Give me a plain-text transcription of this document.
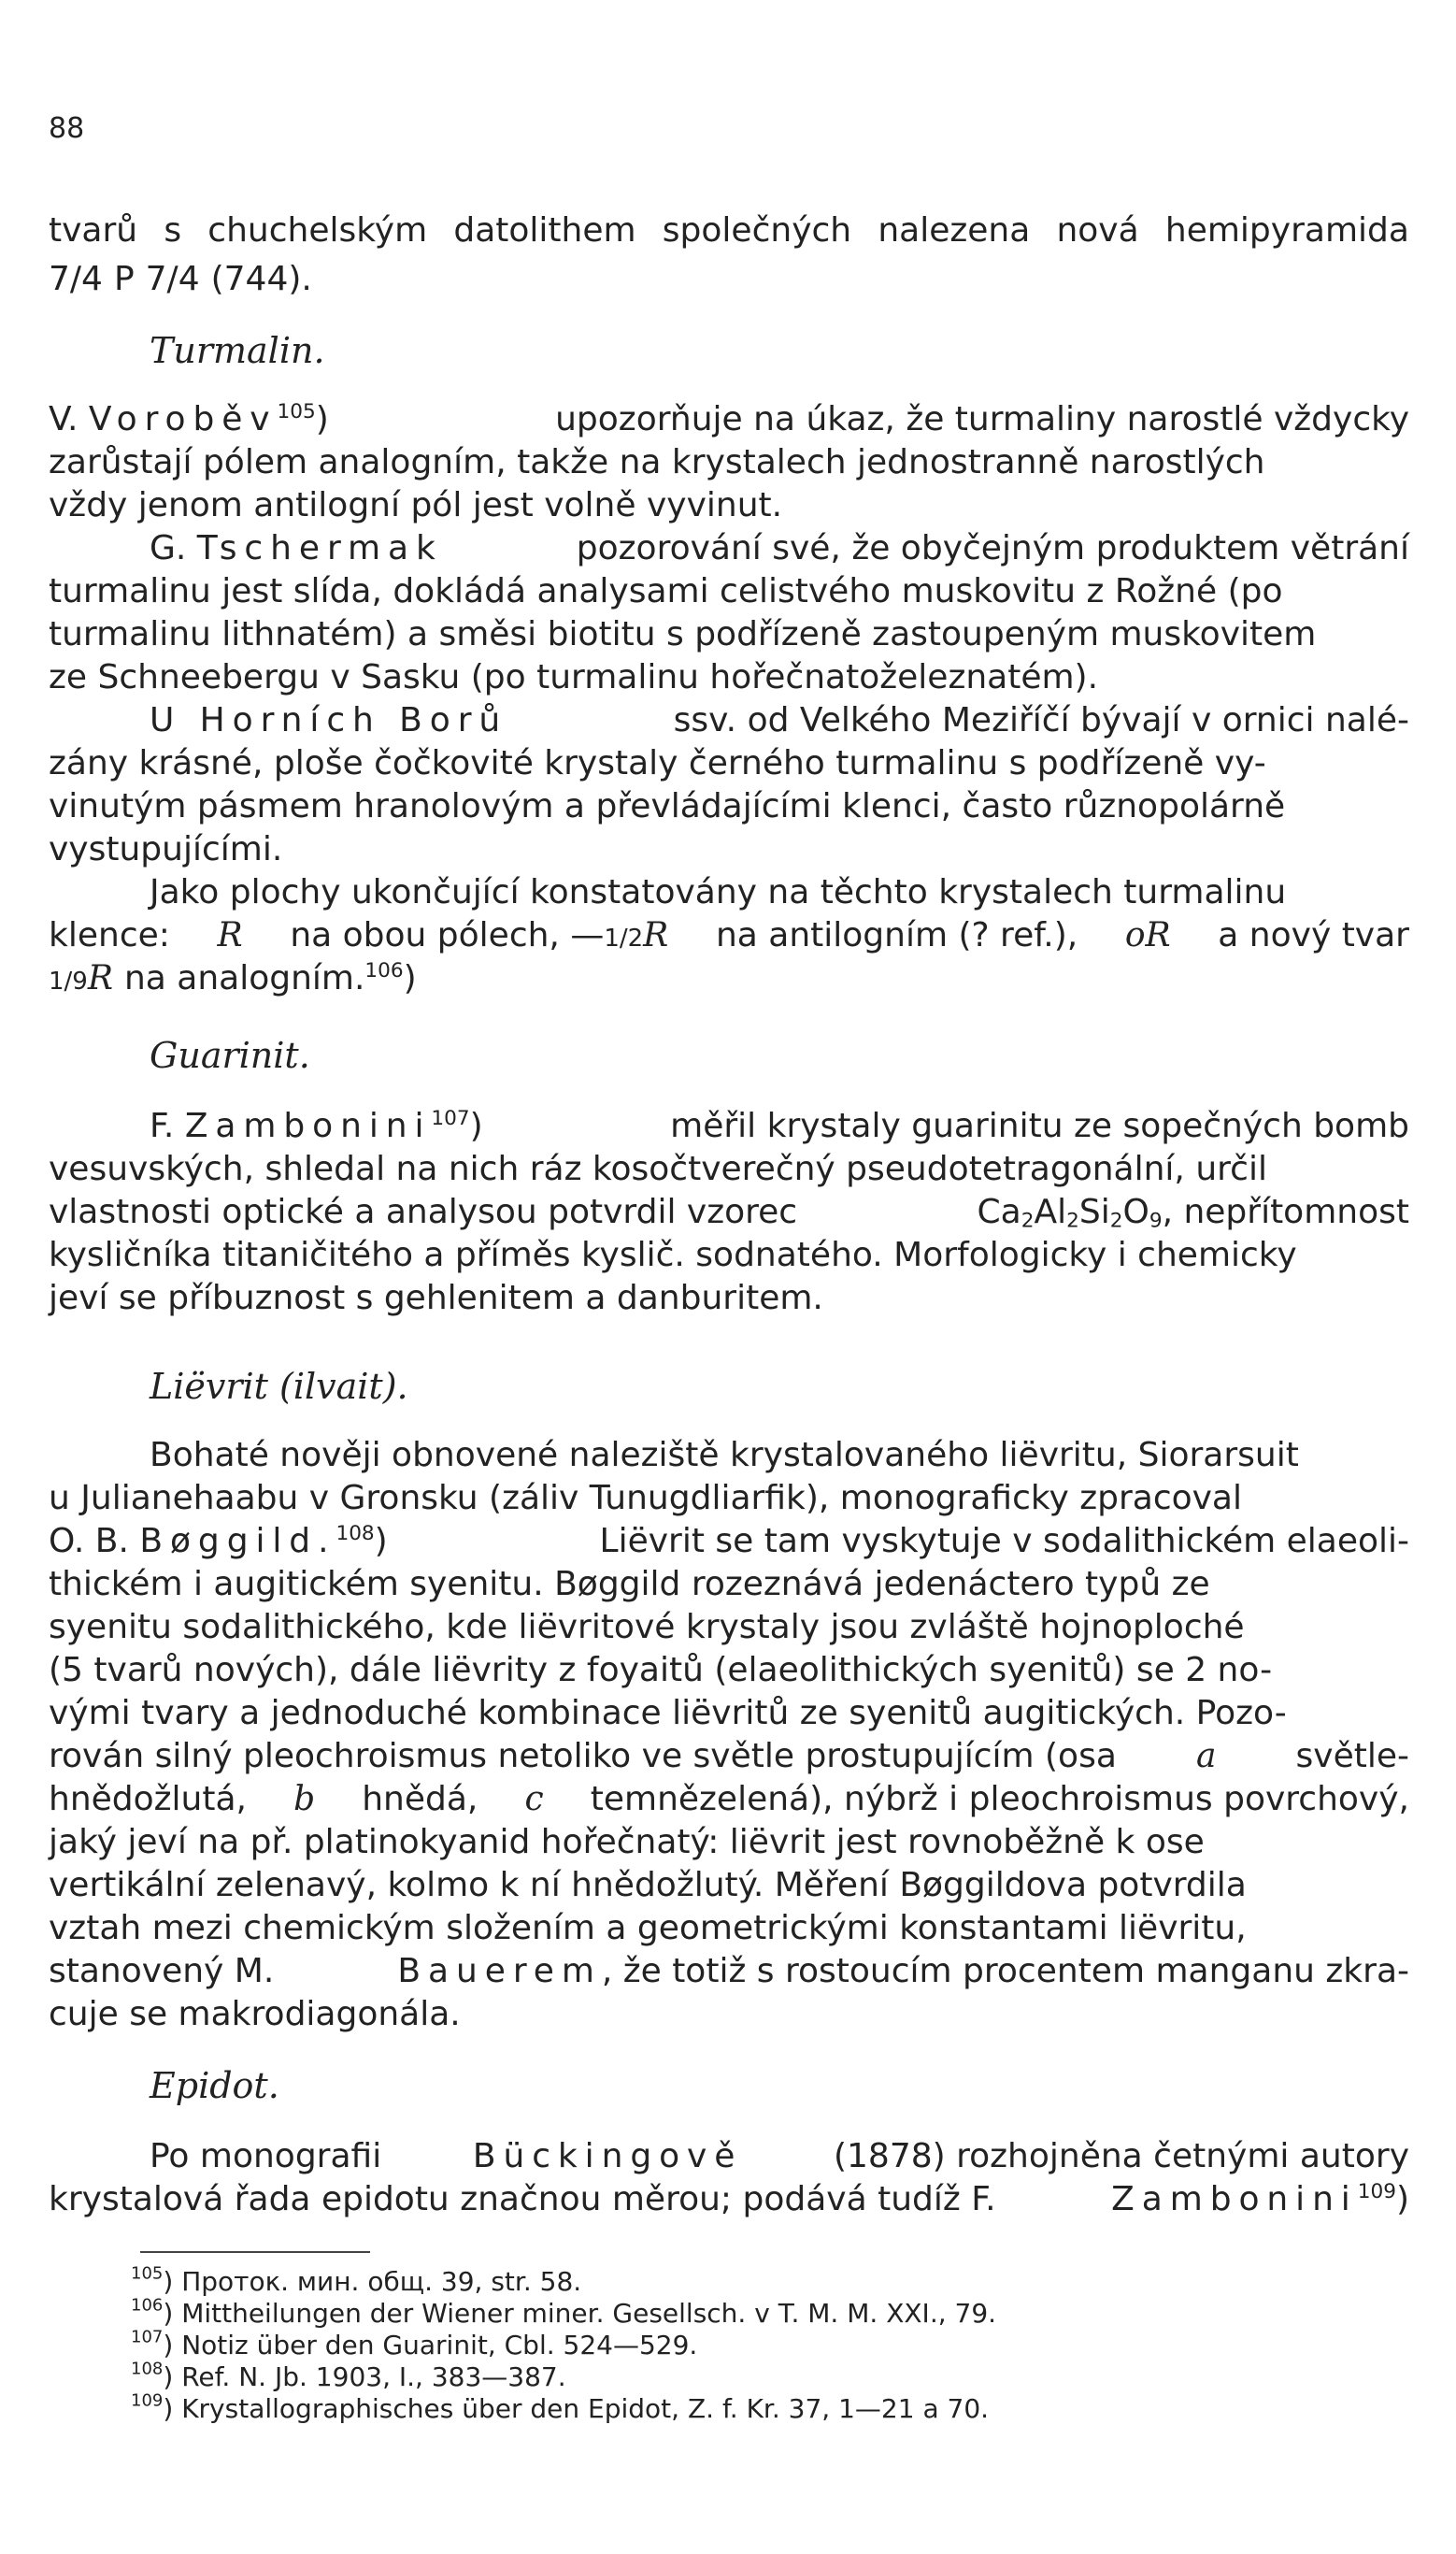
88
tvarů s chuchelským datolithem společných nalezena nová hemipyramida
7/4 P 7/4 (744).
Turmalin.
V. Voroběv$^{105}$)	upozorňuje na úkaz, že turmaliny narostlé vždycky
zarůstají pólem analogním, takže na krystalech jednostranně narostlých
vždy jenom antilogní pól jest volně vyvinut.
G. Tschermak	pozorování své, že obyčejným produktem větrání
turmalinu jest slída, dokládá analysami celistvého muskovitu z Rožné (po
turmalinu lithnatém) a směsi biotitu s podřízeně zastoupeným muskovitem
ze Schneebergu v Sasku (po turmalinu hořečnatoželeznatém).
U Horních Borů	ssv. od Velkého Meziříčí bývají v ornici nalé-
zány krásné, ploše čočkovité krystaly černého turmalinu s podřízeně vy-
vinutým pásmem hranolovým a převládajícími klenci, často různopolárně
vystupujícími.
Jako plochy ukončující konstatovány na těchto krystalech turmalinu
klence: R na obou pólech, —1/2R na antilogním (? ref.), oR a nový tvar
1/9R na analogním.$^{106}$)
Guarinit.
F. Zambonini$^{107}$)	měřil krystaly guarinitu ze sopečných bomb
vesuvských, shledal na nich ráz kosočtverečný pseudotetragonální, určil
vlastnosti optické a analysou potvrdil vzorec	$Ca_2Al_2Si_2O_9$, nepřítomnost
kysličníka titaničitého a příměs kyslič. sodnatého. Morfologicky i chemicky
jeví se příbuznost s gehlenitem a danburitem.
Liëvrit (ilvait).
Bohaté nověji obnovené naleziště krystalovaného liëvritu, Siorarsuit
u Julianehaabu v Gronsku (záliv Tunugdliarfik), monograficky zpracoval
O. B. Bøggild.$^{108}$)	Liëvrit se tam vyskytuje v sodalithickém elaeoli-
thickém i augitickém syenitu. Bøggild rozeznává jedenáctero typů ze
syenitu sodalithického, kde liëvritové krystaly jsou zvláště hojnoploché
(5 tvarů nových), dále liëvrity z foyaitů (elaeolithických syenitů) se 2 no-
vými tvary a jednoduché kombinace liëvritů ze syenitů augitických. Pozo-
rován silný pleochroismus netoliko ve světle prostupujícím (osa a světle-
hnědožlutá, b hnědá, c temnězelená), nýbrž i pleochroismus povrchový,
jaký jeví na př. platinokyanid hořečnatý: liëvrit jest rovnoběžně k ose
vertikální zelenavý, kolmo k ní hnědožlutý. Měření Bøggildova potvrdila
vztah mezi chemickým složením a geometrickými konstantami liëvritu,
stanovený M.	Bauerem, že totiž s rostoucím procentem manganu zkra-
cuje se makrodiagonála.
Epidot.
Po monografii	Bückingově	(1878) rozhojněna četnými autory
krystalová řada epidotu značnou měrou; podává tudíž F.	Zambonini$^{109}$)
$^{105}$) Протоκ. мин. общ. 39, str. 58.
$^{106}$) Mittheilungen der Wiener miner. Gesellsch. v T. M. M. XXI., 79.
$^{107}$) Notiz über den Guarinit, Cbl. 524—529.
$^{108}$) Ref. N. Jb. 1903, I., 383—387.
$^{109}$) Krystallographisches über den Epidot, Z. f. Kr. 37, 1—21 a 70.
